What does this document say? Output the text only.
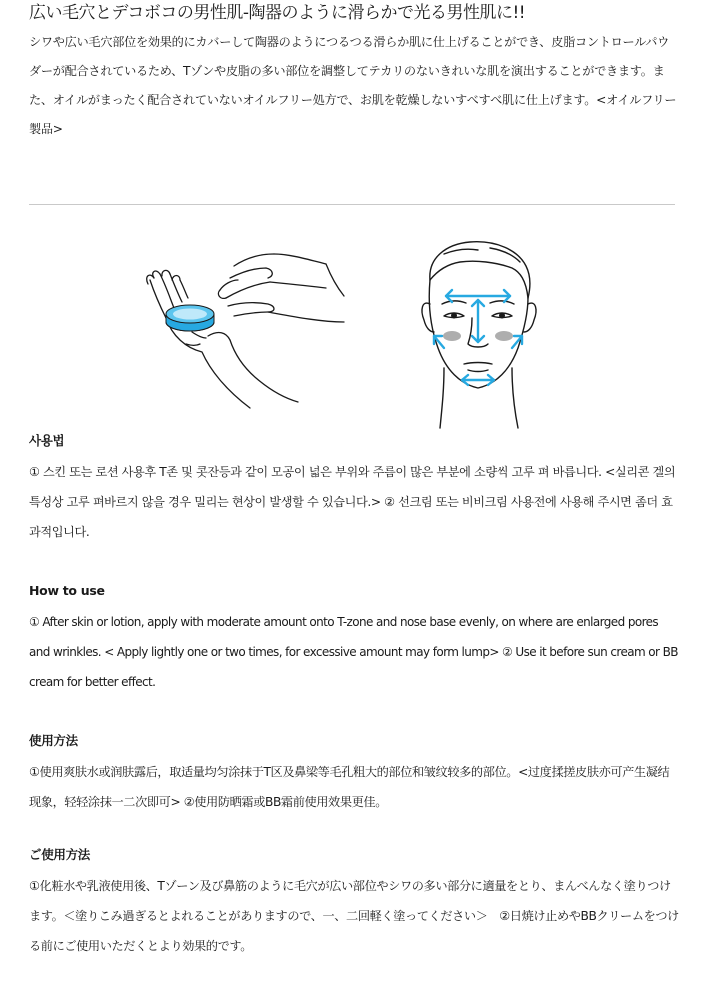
広い毛穴とデコボコの男性肌-陶器のように滑らかで光る男性肌に!!

シワや広い毛穴部位を効果的にカバーして陶器のようにつるつる滑らか肌に仕上げることができ、皮脂コントロールパウダーが配合されているため、Tゾンや皮脂の多い部位を調整してテカリのないきれいな肌を演出することができます。また、オイルがまったく配合されていないオイルフリー処方で、お肌を乾燥しないすべすべ肌に仕上げます。<オイルフリー製品>

사용법

① 스킨 또는 로션 사용후 T존 및 콧잔등과 같이 모공이 넓은 부위와 주름이 많은 부분에 소량씩 고루 펴 바릅니다. <실리콘 겔의 특성상 고루 펴바르지 않을 경우 밀리는 현상이 발생할 수 있습니다.> ② 선크림 또는 비비크림 사용전에 사용해 주시면 좀더 효과적입니다.

How to use

① After skin or lotion, apply with moderate amount onto T-zone and nose base evenly, on where are enlarged pores and wrinkles. < Apply lightly one or two times, for excessive amount may form lump> ② Use it before sun cream or BB cream for better effect.

使用方法

①使用爽肤水或润肤露后，取适量均匀涂抹于T区及鼻梁等毛孔粗大的部位和皱纹较多的部位。<过度揉搓皮肤亦可产生凝结现象，轻轻涂抹一二次即可> ②使用防晒霜或BB霜前使用效果更佳。

ご使用方法

①化粧水や乳液使用後、Tゾーン及び鼻筋のように毛穴が広い部位やシワの多い部分に適量をとり、まんべんなく塗りつけます。＜塗りこみ過ぎるとよれることがありますので、一、二回軽く塗ってください＞　②日焼け止めやBBクリームをつける前にご使用いただくとより効果的です。
